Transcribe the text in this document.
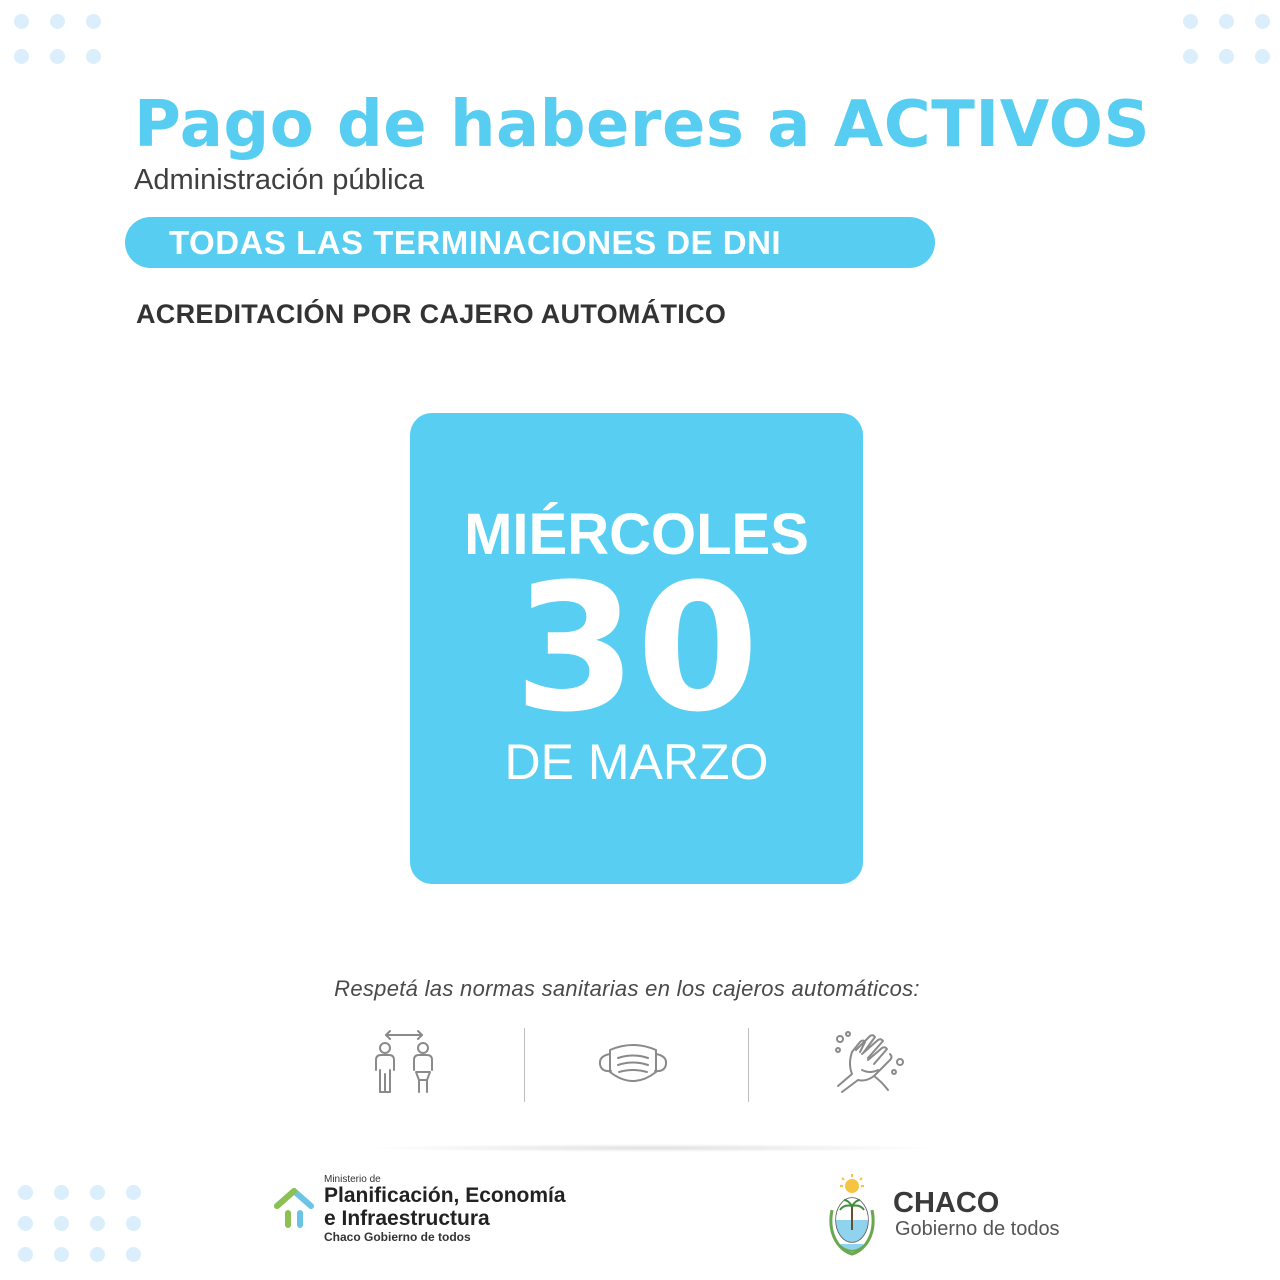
Pago de haberes a ACTIVOS
Administración pública
TODAS LAS TERMINACIONES DE DNI
ACREDITACIÓN POR CAJERO AUTOMÁTICO
MIÉRCOLES
30
DE MARZO
Respetá las normas sanitarias en los cajeros automáticos:
Ministerio de
Planificación, Economía
e Infraestructura
Chaco Gobierno de todos
CHACO
Gobierno de todos
